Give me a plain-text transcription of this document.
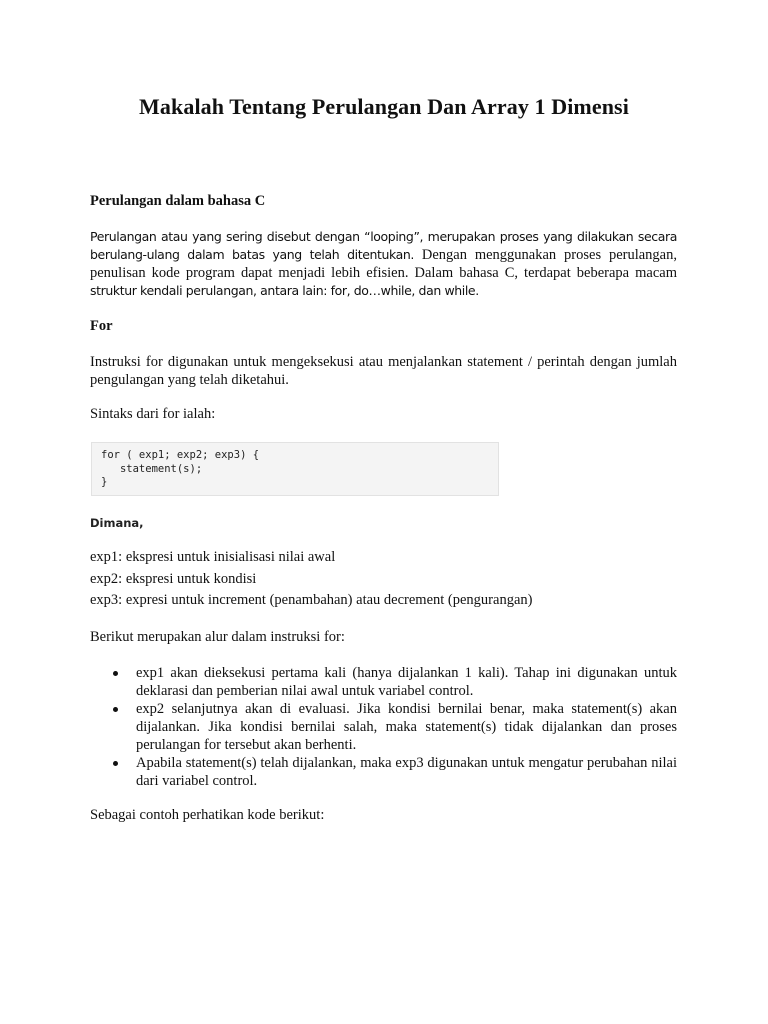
Makalah Tentang Perulangan Dan Array 1 Dimensi
Perulangan dalam bahasa C
Perulangan atau yang sering disebut dengan “looping”, merupakan proses yang dilakukan secara berulang-ulang dalam batas yang telah ditentukan. Dengan menggunakan proses perulangan, penulisan kode program dapat menjadi lebih efisien. Dalam bahasa C, terdapat beberapa macam struktur kendali perulangan, antara lain: for, do…while, dan while.
For
Instruksi for digunakan untuk mengeksekusi atau menjalankan statement / perintah dengan jumlah pengulangan yang telah diketahui.
Sintaks dari for ialah:
for ( exp1; exp2; exp3) {
statement(s);
}
Dimana,
exp1: ekspresi untuk inisialisasi nilai awal
exp2: ekspresi untuk kondisi
exp3: expresi untuk increment (penambahan) atau decrement (pengurangan)
Berikut merupakan alur dalam instruksi for:
exp1 akan dieksekusi pertama kali (hanya dijalankan 1 kali). Tahap ini digunakan untuk deklarasi dan pemberian nilai awal untuk variabel control.
exp2 selanjutnya akan di evaluasi. Jika kondisi bernilai benar, maka statement(s) akan dijalankan. Jika kondisi bernilai salah, maka statement(s) tidak dijalankan dan proses perulangan for tersebut akan berhenti.
Apabila statement(s) telah dijalankan, maka exp3 digunakan untuk mengatur perubahan nilai dari variabel control.
Sebagai contoh perhatikan kode berikut:
